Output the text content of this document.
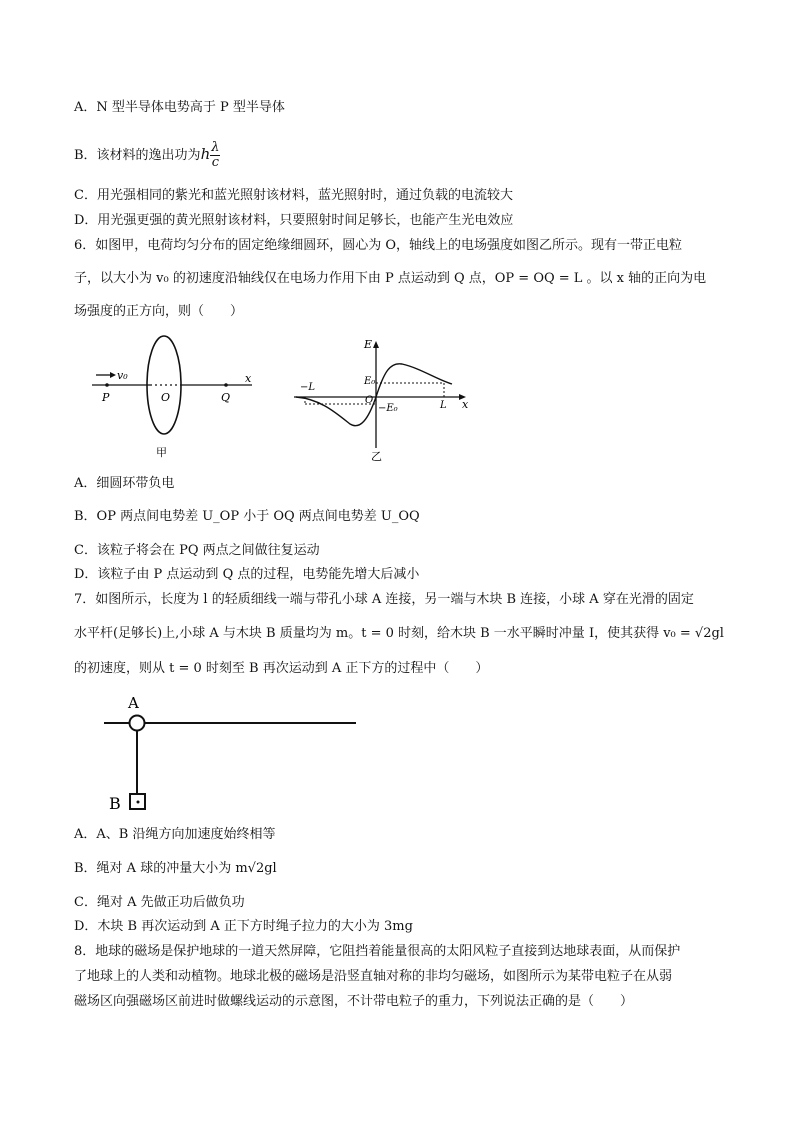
A．N 型半导体电势高于 P 型半导体
B．该材料的逸出功为h $\frac{\lambda}{c}$
C．用光强相同的紫光和蓝光照射该材料，蓝光照射时，通过负载的电流较大
D．用光强更强的黄光照射该材料，只要照射时间足够长，也能产生光电效应
6．如图甲，电荷均匀分布的固定绝缘细圆环，圆心为 O，轴线上的电场强度如图乙所示。现有一带正电粒
子，以大小为 v₀ 的初速度沿轴线仅在电场力作用下由 P 点运动到 Q 点，OP = OQ = L 。以 x 轴的正向为电
场强度的正方向，则（　　）
v₀
P	O	Q
x
甲
E
x
−L
E₀
O
−E₀	L
乙
A．细圆环带负电
B．OP 两点间电势差 U_OP 小于 OQ 两点间电势差 U_OQ
C．该粒子将会在 PQ 两点之间做往复运动
D．该粒子由 P 点运动到 Q 点的过程，电势能先增大后减小
7．如图所示，长度为 l 的轻质细线一端与带孔小球 A 连接，另一端与木块 B 连接，小球 A 穿在光滑的固定
水平杆(足够长)上,小球 A 与木块 B 质量均为 m。t = 0 时刻，给木块 B 一水平瞬时冲量 I，使其获得 v₀ = √2gl
的初速度，则从 t = 0 时刻至 B 再次运动到 A 正下方的过程中（　　）
A
B
A．A、B 沿绳方向加速度始终相等
B．绳对 A 球的冲量大小为 m√2gl
C．绳对 A 先做正功后做负功
D．木块 B 再次运动到 A 正下方时绳子拉力的大小为 3mg
8．地球的磁场是保护地球的一道天然屏障，它阻挡着能量很高的太阳风粒子直接到达地球表面，从而保护
了地球上的人类和动植物。地球北极的磁场是沿竖直轴对称的非均匀磁场，如图所示为某带电粒子在从弱
磁场区向强磁场区前进时做螺线运动的示意图，不计带电粒子的重力，下列说法正确的是（　　）
